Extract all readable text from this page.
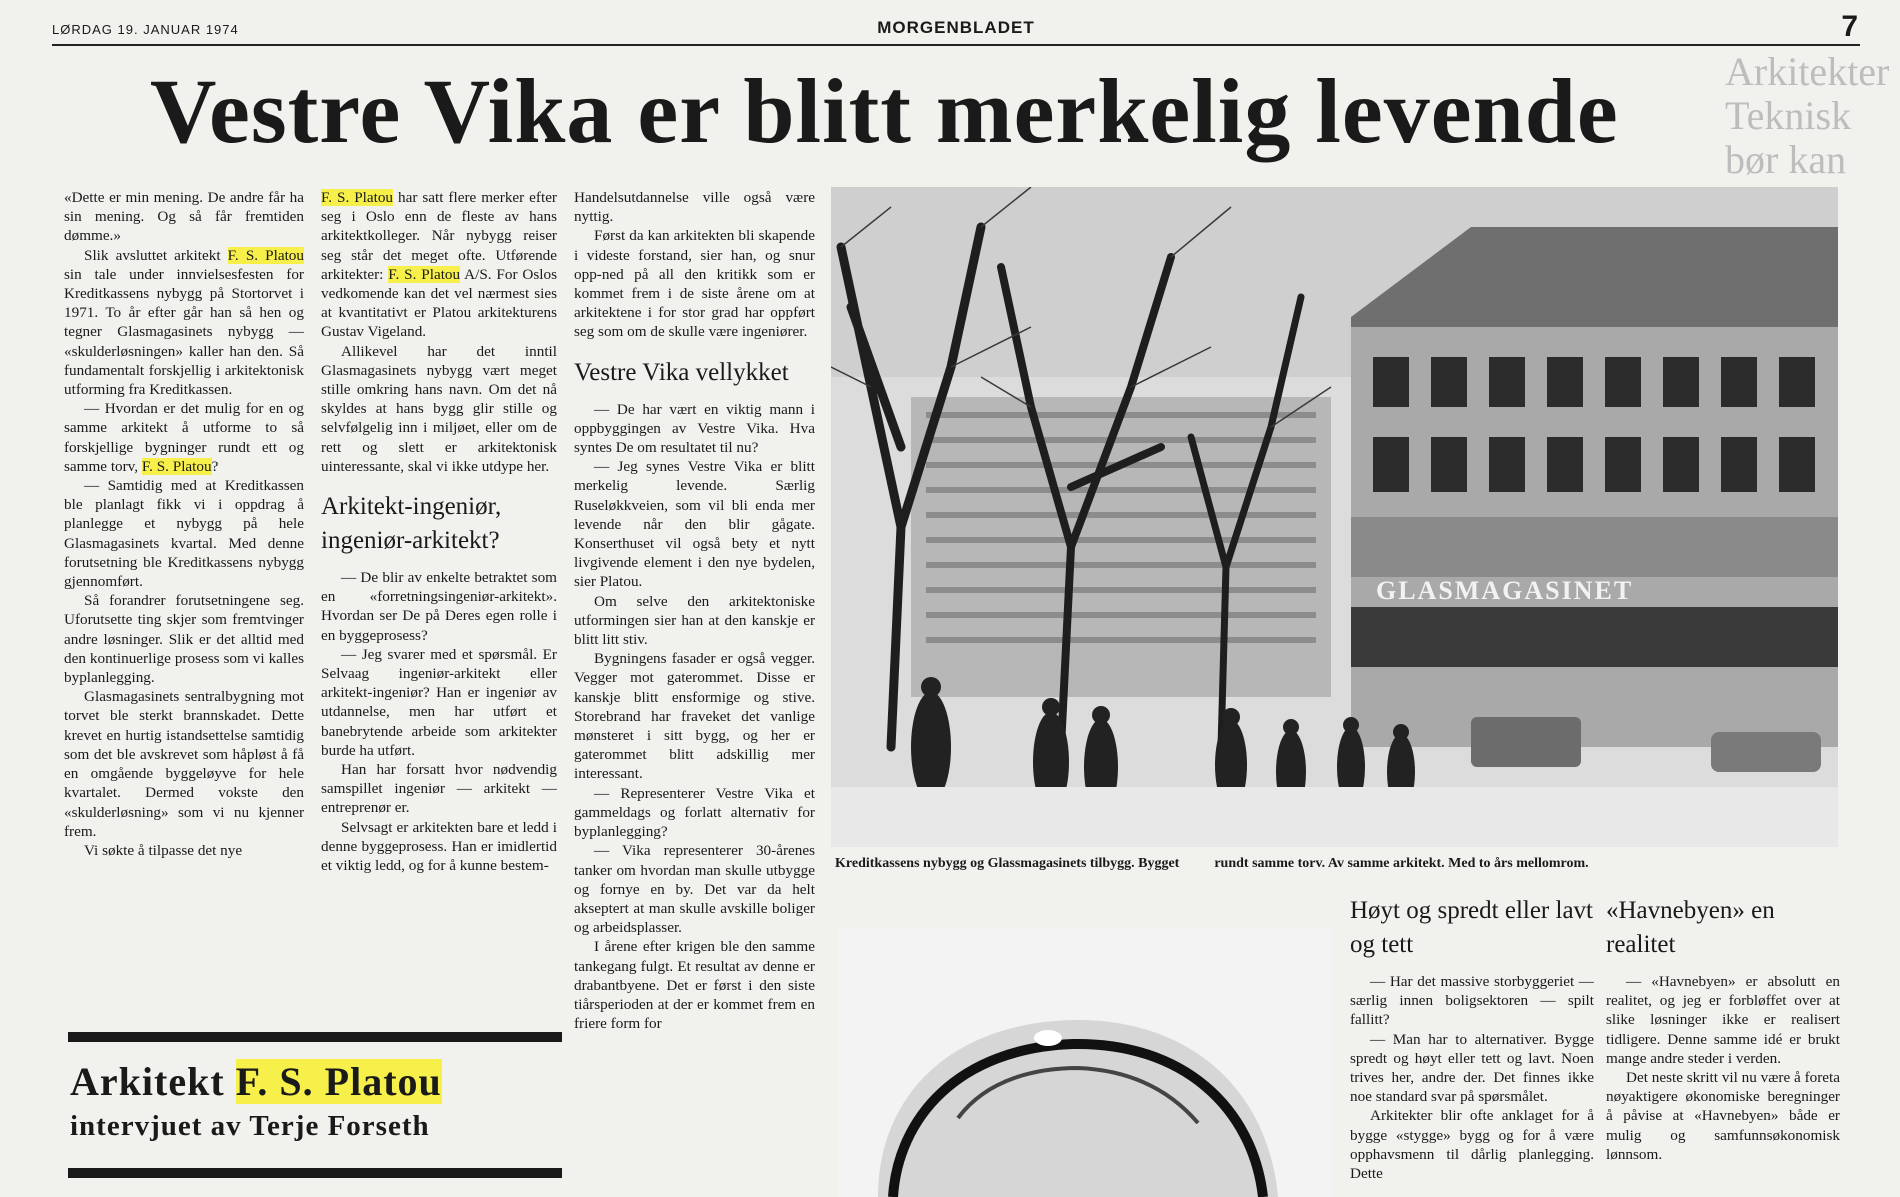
LØRDAG 19. JANUAR 1974	MORGENBLADET	7
Arkitekter Teknisk bør kan
Vestre Vika er blitt merkelig levende

«Dette er min mening. De andre får ha sin mening. Og så får fremtiden dømme.»

Slik avsluttet arkitekt F. S. Platou sin tale under innvielsesfesten for Kreditkassens nybygg på Stortorvet i 1971. To år efter går han så hen og tegner Glasmagasinets nybygg — «skulderløsningen» kaller han den. Så fundamentalt forskjellig i arkitektonisk utforming fra Kreditkassen.

— Hvordan er det mulig for en og samme arkitekt å utforme to så forskjellige bygninger rundt ett og samme torv, F. S. Platou?

— Samtidig med at Kreditkassen ble planlagt fikk vi i oppdrag å planlegge et nybygg på hele Glasmagasinets kvartal. Med denne forutsetning ble Kreditkassens nybygg gjennomført.

Så forandrer forutsetningene seg. Uforutsette ting skjer som fremtvinger andre løsninger. Slik er det alltid med den kontinuerlige prosess som vi kalles byplanlegging.

Glasmagasinets sentralbygning mot torvet ble sterkt brannskadet. Dette krevet en hurtig istandsettelse samtidig som det ble avskrevet som håpløst å få en omgående byggeløyve for hele kvartalet. Dermed vokste den «skulderløsning» som vi nu kjenner frem.

Vi søkte å tilpasse det nye

Arkitekt F. S. Platou
intervjuet av Terje Forseth

F. S. Platou har satt flere merker efter seg i Oslo enn de fleste av hans arkitektkolleger. Når nybygg reiser seg står det meget ofte. Utførende arkitekter: F. S. Platou A/S. For Oslos vedkomende kan det vel nærmest sies at kvantitativt er Platou arkitekturens Gustav Vigeland.

Allikevel har det inntil Glasmagasinets nybygg vært meget stille omkring hans navn. Om det nå skyldes at hans bygg glir stille og selvfølgelig inn i miljøet, eller om de rett og slett er arkitektonisk uinteressante, skal vi ikke utdype her.

Arkitekt-ingeniør, ingeniør-arkitekt?

— De blir av enkelte betraktet som en «forretningsingeniør-arkitekt». Hvordan ser De på Deres egen rolle i en byggeprosess?

— Jeg svarer med et spørsmål. Er Selvaag ingeniør-arkitekt eller arkitekt-ingeniør? Han er ingeniør av utdannelse, men har utført et banebrytende arbeide som arkitekter burde ha utført.

Han har forsatt hvor nødvendig samspillet ingeniør — arkitekt — entreprenør er.

Selvsagt er arkitekten bare et ledd i denne byggeprosess. Han er imidlertid et viktig ledd, og for å kunne bestem-

Handelsutdannelse ville også være nyttig.

Først da kan arkitekten bli skapende i videste forstand, sier han, og snur opp-ned på all den kritikk som er kommet frem i de siste årene om at arkitektene i for stor grad har oppført seg som om de skulle være ingeniører.

Vestre Vika vellykket

— De har vært en viktig mann i oppbyggingen av Vestre Vika. Hva syntes De om resultatet til nu?

— Jeg synes Vestre Vika er blitt merkelig levende. Særlig Ruseløkkveien, som vil bli enda mer levende når den blir gågate. Konserthuset vil også bety et nytt livgivende element i den nye bydelen, sier Platou.

Om selve den arkitektoniske utformingen sier han at den kanskje er blitt litt stiv.

Bygningens fasader er også vegger. Vegger mot gaterommet. Disse er kanskje blitt ensformige og stive. Storebrand har fraveket det vanlige mønsteret i sitt bygg, og her er gaterommet blitt adskillig mer interessant.

— Representerer Vestre Vika et gammeldags og forlatt alternativ for byplanlegging?

— Vika representerer 30-årenes tanker om hvordan man skulle utbygge og fornye en by. Det var da helt akseptert at man skulle avskille boliger og arbeidsplasser.

I årene efter krigen ble den samme tankegang fulgt. Et resultat av denne er drabantbyene. Det er først i den siste tiårsperioden at der er kommet frem en friere form for

GLASMAGASINET
Kreditkassens nybygg og Glassmagasinets tilbygg. Bygget	rundt samme torv. Av samme arkitekt. Med to års mellomrom.
Høyt og spredt eller lavt og tett

— Har det massive storbyggeriet — særlig innen boligsektoren — spilt fallitt?

— Man har to alternativer. Bygge spredt og høyt eller tett og lavt. Noen trives her, andre der. Det finnes ikke noe standard svar på spørsmålet.

Arkitekter blir ofte anklaget for å bygge «stygge» bygg og for å være opphavsmenn til dårlig planlegging. Dette

«Havnebyen» en realitet

— «Havnebyen» er absolutt en realitet, og jeg er forbløffet over at slike løsninger ikke er realisert tidligere. Denne samme idé er brukt mange andre steder i verden.

Det neste skritt vil nu være å foreta nøyaktigere økonomiske beregninger å påvise at «Havnebyen» både er mulig og samfunnsøkonomisk lønnsom.
